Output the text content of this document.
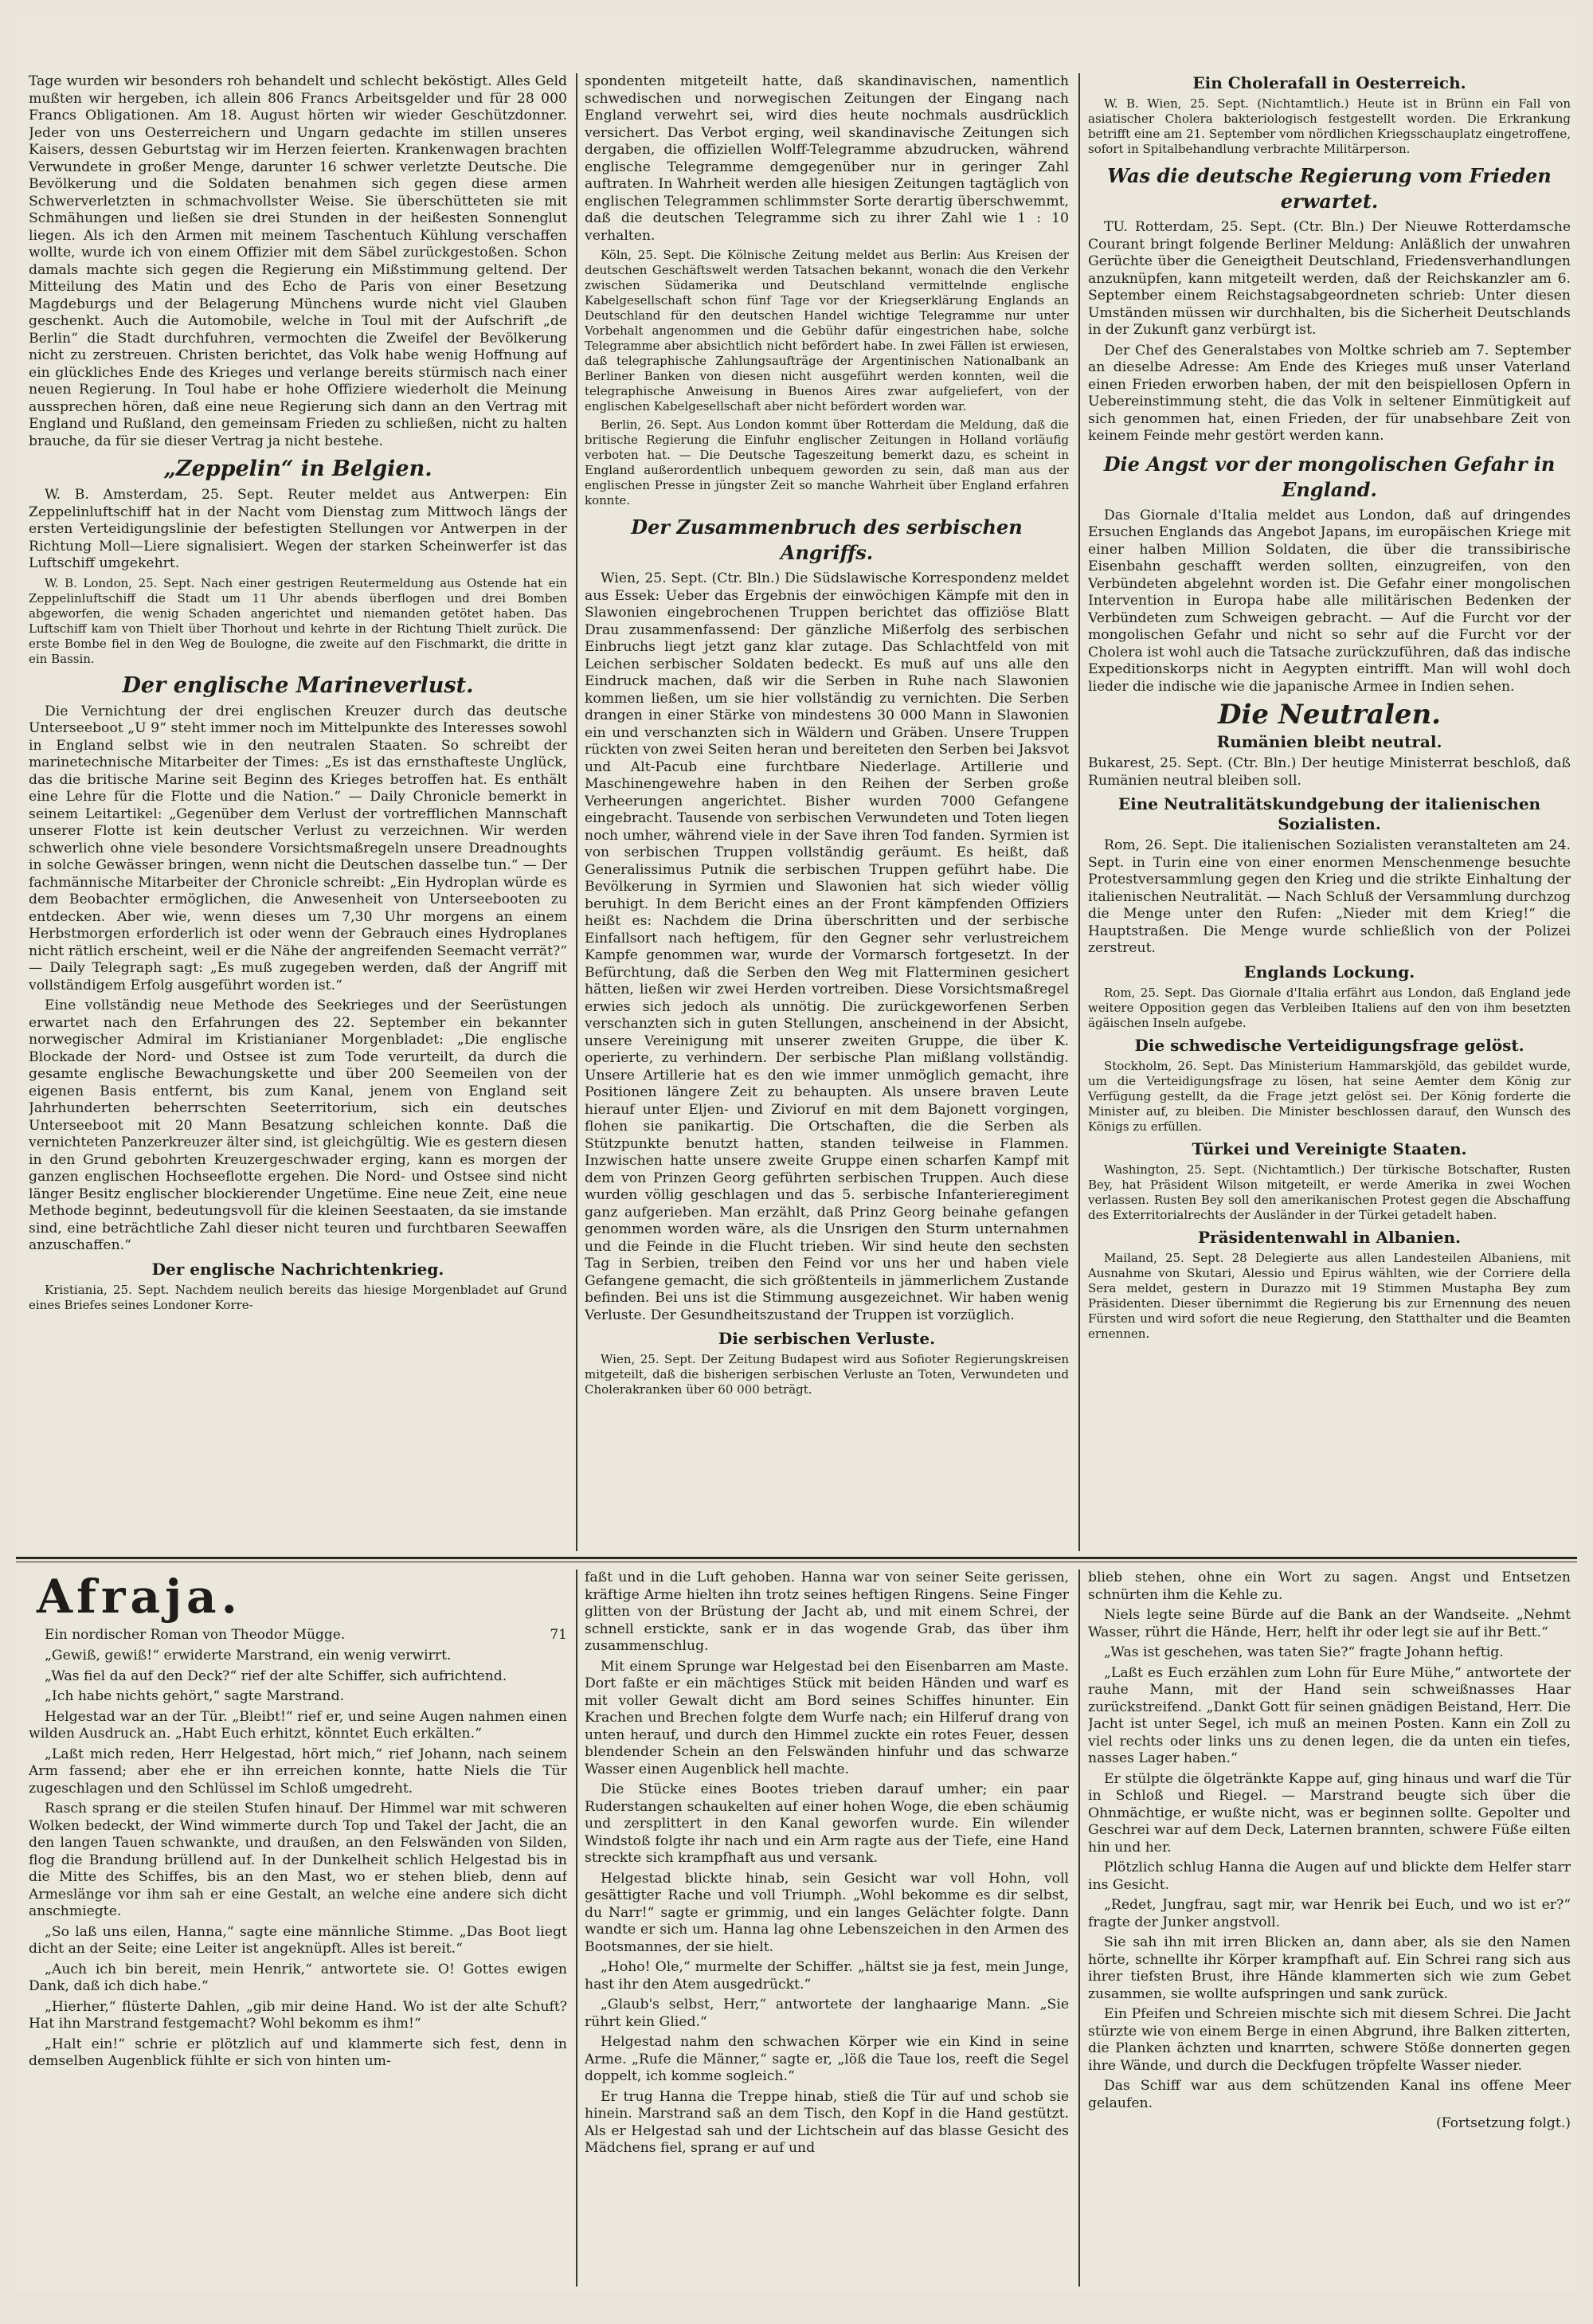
Tage wurden wir besonders roh behandelt und schlecht beköstigt. Alles Geld mußten wir hergeben, ich allein 806 Francs Arbeitsgelder und für 28 000 Francs Obligationen. Am 18. August hörten wir wieder Geschützdonner. Jeder von uns Oesterreichern und Ungarn gedachte im stillen unseres Kaisers, dessen Geburtstag wir im Herzen feierten. Krankenwagen brachten Verwundete in großer Menge, darunter 16 schwer verletzte Deutsche. Die Bevölkerung und die Soldaten benahmen sich gegen diese armen Schwerverletzten in schmachvollster Weise. Sie überschütteten sie mit Schmähungen und ließen sie drei Stunden in der heißesten Sonnenglut liegen. Als ich den Armen mit meinem Taschentuch Kühlung verschaffen wollte, wurde ich von einem Offizier mit dem Säbel zurückgestoßen. Schon damals machte sich gegen die Regierung ein Mißstimmung geltend. Der Mitteilung des Matin und des Echo de Paris von einer Besetzung Magdeburgs und der Belagerung Münchens wurde nicht viel Glauben geschenkt. Auch die Automobile, welche in Toul mit der Aufschrift „de Berlin“ die Stadt durchfuhren, vermochten die Zweifel der Bevölkerung nicht zu zerstreuen. Christen berichtet, das Volk habe wenig Hoffnung auf ein glückliches Ende des Krieges und verlange bereits stürmisch nach einer neuen Regierung. In Toul habe er hohe Offiziere wiederholt die Meinung aussprechen hören, daß eine neue Regierung sich dann an den Vertrag mit England und Rußland, den gemeinsam Frieden zu schließen, nicht zu halten brauche, da für sie dieser Vertrag ja nicht bestehe.

„Zeppelin“ in Belgien.

W. B. Amsterdam, 25. Sept. Reuter meldet aus Antwerpen: Ein Zeppelinluftschiff hat in der Nacht vom Dienstag zum Mittwoch längs der ersten Verteidigungslinie der befestigten Stellungen vor Antwerpen in der Richtung Moll—Liere signalisiert. Wegen der starken Scheinwerfer ist das Luftschiff umgekehrt.

W. B. London, 25. Sept. Nach einer gestrigen Reutermeldung aus Ostende hat ein Zeppelinluftschiff die Stadt um 11 Uhr abends überflogen und drei Bomben abgeworfen, die wenig Schaden angerichtet und niemanden getötet haben. Das Luftschiff kam von Thielt über Thorhout und kehrte in der Richtung Thielt zurück. Die erste Bombe fiel in den Weg de Boulogne, die zweite auf den Fischmarkt, die dritte in ein Bassin.

Der englische Marineverlust.

Die Vernichtung der drei englischen Kreuzer durch das deutsche Unterseeboot „U 9“ steht immer noch im Mittelpunkte des Interesses sowohl in England selbst wie in den neutralen Staaten. So schreibt der marinetechnische Mitarbeiter der Times: „Es ist das ernsthafteste Unglück, das die britische Marine seit Beginn des Krieges betroffen hat. Es enthält eine Lehre für die Flotte und die Nation.“ — Daily Chronicle bemerkt in seinem Leitartikel: „Gegenüber dem Verlust der vortrefflichen Mannschaft unserer Flotte ist kein deutscher Verlust zu verzeichnen. Wir werden schwerlich ohne viele besondere Vorsichtsmaßregeln unsere Dreadnoughts in solche Gewässer bringen, wenn nicht die Deutschen dasselbe tun.“ — Der fachmännische Mitarbeiter der Chronicle schreibt: „Ein Hydroplan würde es dem Beobachter ermöglichen, die Anwesenheit von Unterseebooten zu entdecken. Aber wie, wenn dieses um 7,30 Uhr morgens an einem Herbstmorgen erforderlich ist oder wenn der Gebrauch eines Hydroplanes nicht rätlich erscheint, weil er die Nähe der angreifenden Seemacht verrät?“ — Daily Telegraph sagt: „Es muß zugegeben werden, daß der Angriff mit vollständigem Erfolg ausgeführt worden ist.“

Eine vollständig neue Methode des Seekrieges und der Seerüstungen erwartet nach den Erfahrungen des 22. September ein bekannter norwegischer Admiral im Kristianianer Morgenbladet: „Die englische Blockade der Nord- und Ostsee ist zum Tode verurteilt, da durch die gesamte englische Bewachungskette und über 200 Seemeilen von der eigenen Basis entfernt, bis zum Kanal, jenem von England seit Jahrhunderten beherrschten Seeterritorium, sich ein deutsches Unterseeboot mit 20 Mann Besatzung schleichen konnte. Daß die vernichteten Panzerkreuzer älter sind, ist gleichgültig. Wie es gestern diesen in den Grund gebohrten Kreuzergeschwader erging, kann es morgen der ganzen englischen Hochseeflotte ergehen. Die Nord- und Ostsee sind nicht länger Besitz englischer blockierender Ungetüme. Eine neue Zeit, eine neue Methode beginnt, bedeutungsvoll für die kleinen Seestaaten, da sie imstande sind, eine beträchtliche Zahl dieser nicht teuren und furchtbaren Seewaffen anzuschaffen.“

Der englische Nachrichtenkrieg.

Kristiania, 25. Sept. Nachdem neulich bereits das hiesige Morgenbladet auf Grund eines Briefes seines Londoner Korre-

spondenten mitgeteilt hatte, daß skandinavischen, namentlich schwedischen und norwegischen Zeitungen der Eingang nach England verwehrt sei, wird dies heute nochmals ausdrücklich versichert. Das Verbot erging, weil skandinavische Zeitungen sich dergaben, die offiziellen Wolff-Telegramme abzudrucken, während englische Telegramme demgegenüber nur in geringer Zahl auftraten. In Wahrheit werden alle hiesigen Zeitungen tagtäglich von englischen Telegrammen schlimmster Sorte derartig überschwemmt, daß die deutschen Telegramme sich zu ihrer Zahl wie 1 : 10 verhalten.

Köln, 25. Sept. Die Kölnische Zeitung meldet aus Berlin: Aus Kreisen der deutschen Geschäftswelt werden Tatsachen bekannt, wonach die den Verkehr zwischen Südamerika und Deutschland vermittelnde englische Kabelgesellschaft schon fünf Tage vor der Kriegserklärung Englands an Deutschland für den deutschen Handel wichtige Telegramme nur unter Vorbehalt angenommen und die Gebühr dafür eingestrichen habe, solche Telegramme aber absichtlich nicht befördert habe. In zwei Fällen ist erwiesen, daß telegraphische Zahlungsaufträge der Argentinischen Nationalbank an Berliner Banken von diesen nicht ausgeführt werden konnten, weil die telegraphische Anweisung in Buenos Aires zwar aufgeliefert, von der englischen Kabelgesellschaft aber nicht befördert worden war.

Berlin, 26. Sept. Aus London kommt über Rotterdam die Meldung, daß die britische Regierung die Einfuhr englischer Zeitungen in Holland vorläufig verboten hat. — Die Deutsche Tageszeitung bemerkt dazu, es scheint in England außerordentlich unbequem geworden zu sein, daß man aus der englischen Presse in jüngster Zeit so manche Wahrheit über England erfahren konnte.

Der Zusammenbruch des serbischen Angriffs.

Wien, 25. Sept. (Ctr. Bln.) Die Südslawische Korrespondenz meldet aus Essek: Ueber das Ergebnis der einwöchigen Kämpfe mit den in Slawonien eingebrochenen Truppen berichtet das offiziöse Blatt Drau zusammenfassend: Der gänzliche Mißerfolg des serbischen Einbruchs liegt jetzt ganz klar zutage. Das Schlachtfeld von mit Leichen serbischer Soldaten bedeckt. Es muß auf uns alle den Eindruck machen, daß wir die Serben in Ruhe nach Slawonien kommen ließen, um sie hier vollständig zu vernichten. Die Serben drangen in einer Stärke von mindestens 30 000 Mann in Slawonien ein und verschanzten sich in Wäldern und Gräben. Unsere Truppen rückten von zwei Seiten heran und bereiteten den Serben bei Jaksvot und Alt-Pacub eine furchtbare Niederlage. Artillerie und Maschinengewehre haben in den Reihen der Serben große Verheerungen angerichtet. Bisher wurden 7000 Gefangene eingebracht. Tausende von serbischen Verwundeten und Toten liegen noch umher, während viele in der Save ihren Tod fanden. Syrmien ist von serbischen Truppen vollständig geräumt. Es heißt, daß Generalissimus Putnik die serbischen Truppen geführt habe. Die Bevölkerung in Syrmien und Slawonien hat sich wieder völlig beruhigt. In dem Bericht eines an der Front kämpfenden Offiziers heißt es: Nachdem die Drina überschritten und der serbische Einfallsort nach heftigem, für den Gegner sehr verlustreichem Kampfe genommen war, wurde der Vormarsch fortgesetzt. In der Befürchtung, daß die Serben den Weg mit Flatterminen gesichert hätten, ließen wir zwei Herden vortreiben. Diese Vorsichtsmaßregel erwies sich jedoch als unnötig. Die zurückgeworfenen Serben verschanzten sich in guten Stellungen, anscheinend in der Absicht, unsere Vereinigung mit unserer zweiten Gruppe, die über K. operierte, zu verhindern. Der serbische Plan mißlang vollständig. Unsere Artillerie hat es den wie immer unmöglich gemacht, ihre Positionen längere Zeit zu behaupten. Als unsere braven Leute hierauf unter Eljen- und Zivioruf en mit dem Bajonett vorgingen, flohen sie panikartig. Die Ortschaften, die die Serben als Stützpunkte benutzt hatten, standen teilweise in Flammen. Inzwischen hatte unsere zweite Gruppe einen scharfen Kampf mit dem von Prinzen Georg geführten serbischen Truppen. Auch diese wurden völlig geschlagen und das 5. serbische Infanterieregiment ganz aufgerieben. Man erzählt, daß Prinz Georg beinahe gefangen genommen worden wäre, als die Unsrigen den Sturm unternahmen und die Feinde in die Flucht trieben. Wir sind heute den sechsten Tag in Serbien, treiben den Feind vor uns her und haben viele Gefangene gemacht, die sich größtenteils in jämmerlichem Zustande befinden. Bei uns ist die Stimmung ausgezeichnet. Wir haben wenig Verluste. Der Gesundheitszustand der Truppen ist vorzüglich.

Die serbischen Verluste.

Wien, 25. Sept. Der Zeitung Budapest wird aus Sofioter Regierungskreisen mitgeteilt, daß die bisherigen serbischen Verluste an Toten, Verwundeten und Cholerakranken über 60 000 beträgt.

Ein Cholerafall in Oesterreich.

W. B. Wien, 25. Sept. (Nichtamtlich.) Heute ist in Brünn ein Fall von asiatischer Cholera bakteriologisch festgestellt worden. Die Erkrankung betrifft eine am 21. September vom nördlichen Kriegsschauplatz eingetroffene, sofort in Spitalbehandlung verbrachte Militärperson.

Was die deutsche Regierung vom Frieden erwartet.

TU. Rotterdam, 25. Sept. (Ctr. Bln.) Der Nieuwe Rotterdamsche Courant bringt folgende Berliner Meldung: Anläßlich der unwahren Gerüchte über die Geneigtheit Deutschland, Friedensverhandlungen anzuknüpfen, kann mitgeteilt werden, daß der Reichskanzler am 6. September einem Reichstagsabgeordneten schrieb: Unter diesen Umständen müssen wir durchhalten, bis die Sicherheit Deutschlands in der Zukunft ganz verbürgt ist.

Der Chef des Generalstabes von Moltke schrieb am 7. September an dieselbe Adresse: Am Ende des Krieges muß unser Vaterland einen Frieden erworben haben, der mit den beispiellosen Opfern in Uebereinstimmung steht, die das Volk in seltener Einmütigkeit auf sich genommen hat, einen Frieden, der für unabsehbare Zeit von keinem Feinde mehr gestört werden kann.

Die Angst vor der mongolischen Gefahr in England.

Das Giornale d'Italia meldet aus London, daß auf dringendes Ersuchen Englands das Angebot Japans, im europäischen Kriege mit einer halben Million Soldaten, die über die transsibirische Eisenbahn geschafft werden sollten, einzugreifen, von den Verbündeten abgelehnt worden ist. Die Gefahr einer mongolischen Intervention in Europa habe alle militärischen Bedenken der Verbündeten zum Schweigen gebracht. — Auf die Furcht vor der mongolischen Gefahr und nicht so sehr auf die Furcht vor der Cholera ist wohl auch die Tatsache zurückzuführen, daß das indische Expeditionskorps nicht in Aegypten eintrifft. Man will wohl doch lieder die indische wie die japanische Armee in Indien sehen.

Die Neutralen.
Rumänien bleibt neutral.

Bukarest, 25. Sept. (Ctr. Bln.) Der heutige Ministerrat beschloß, daß Rumänien neutral bleiben soll.

Eine Neutralitätskundgebung der italienischen Sozialisten.

Rom, 26. Sept. Die italienischen Sozialisten veranstalteten am 24. Sept. in Turin eine von einer enormen Menschenmenge besuchte Protestversammlung gegen den Krieg und die strikte Einhaltung der italienischen Neutralität. — Nach Schluß der Versammlung durchzog die Menge unter den Rufen: „Nieder mit dem Krieg!“ die Hauptstraßen. Die Menge wurde schließlich von der Polizei zerstreut.

Englands Lockung.

Rom, 25. Sept. Das Giornale d'Italia erfährt aus London, daß England jede weitere Opposition gegen das Verbleiben Italiens auf den von ihm besetzten ägäischen Inseln aufgebe.

Die schwedische Verteidigungsfrage gelöst.

Stockholm, 26. Sept. Das Ministerium Hammarskjöld, das gebildet wurde, um die Verteidigungsfrage zu lösen, hat seine Aemter dem König zur Verfügung gestellt, da die Frage jetzt gelöst sei. Der König forderte die Minister auf, zu bleiben. Die Minister beschlossen darauf, den Wunsch des Königs zu erfüllen.

Türkei und Vereinigte Staaten.

Washington, 25. Sept. (Nichtamtlich.) Der türkische Botschafter, Rusten Bey, hat Präsident Wilson mitgeteilt, er werde Amerika in zwei Wochen verlassen. Rusten Bey soll den amerikanischen Protest gegen die Abschaffung des Exterritorialrechts der Ausländer in der Türkei getadelt haben.

Präsidentenwahl in Albanien.

Mailand, 25. Sept. 28 Delegierte aus allen Landesteilen Albaniens, mit Ausnahme von Skutari, Alessio und Epirus wählten, wie der Corriere della Sera meldet, gestern in Durazzo mit 19 Stimmen Mustapha Bey zum Präsidenten. Dieser übernimmt die Regierung bis zur Ernennung des neuen Fürsten und wird sofort die neue Regierung, den Statthalter und die Beamten ernennen.

Afraja.
Ein nordischer Roman von Theodor Mügge.	71

„Gewiß, gewiß!“ erwiderte Marstrand, ein wenig verwirrt.

„Was fiel da auf den Deck?“ rief der alte Schiffer, sich aufrichtend.

„Ich habe nichts gehört,“ sagte Marstrand.

Helgestad war an der Tür. „Bleibt!“ rief er, und seine Augen nahmen einen wilden Ausdruck an. „Habt Euch erhitzt, könntet Euch erkälten.“

„Laßt mich reden, Herr Helgestad, hört mich,“ rief Johann, nach seinem Arm fassend; aber ehe er ihn erreichen konnte, hatte Niels die Tür zugeschlagen und den Schlüssel im Schloß umgedreht.

Rasch sprang er die steilen Stufen hinauf. Der Himmel war mit schweren Wolken bedeckt, der Wind wimmerte durch Top und Takel der Jacht, die an den langen Tauen schwankte, und draußen, an den Felswänden von Silden, flog die Brandung brüllend auf. In der Dunkelheit schlich Helgestad bis in die Mitte des Schiffes, bis an den Mast, wo er stehen blieb, denn auf Armeslänge vor ihm sah er eine Gestalt, an welche eine andere sich dicht anschmiegte.

„So laß uns eilen, Hanna,“ sagte eine männliche Stimme. „Das Boot liegt dicht an der Seite; eine Leiter ist angeknüpft. Alles ist bereit.“

„Auch ich bin bereit, mein Henrik,“ antwortete sie. O! Gottes ewigen Dank, daß ich dich habe.“

„Hierher,“ flüsterte Dahlen, „gib mir deine Hand. Wo ist der alte Schuft? Hat ihn Marstrand festgemacht? Wohl bekomm es ihm!“

„Halt ein!“ schrie er plötzlich auf und klammerte sich fest, denn in demselben Augenblick fühlte er sich von hinten um-

faßt und in die Luft gehoben. Hanna war von seiner Seite gerissen, kräftige Arme hielten ihn trotz seines heftigen Ringens. Seine Finger glitten von der Brüstung der Jacht ab, und mit einem Schrei, der schnell erstickte, sank er in das wogende Grab, das über ihm zusammenschlug.

Mit einem Sprunge war Helgestad bei den Eisenbarren am Maste. Dort faßte er ein mächtiges Stück mit beiden Händen und warf es mit voller Gewalt dicht am Bord seines Schiffes hinunter. Ein Krachen und Brechen folgte dem Wurfe nach; ein Hilferuf drang von unten herauf, und durch den Himmel zuckte ein rotes Feuer, dessen blendender Schein an den Felswänden hinfuhr und das schwarze Wasser einen Augenblick hell machte.

Die Stücke eines Bootes trieben darauf umher; ein paar Ruderstangen schaukelten auf einer hohen Woge, die eben schäumig und zersplittert in den Kanal geworfen wurde. Ein wilender Windstoß folgte ihr nach und ein Arm ragte aus der Tiefe, eine Hand streckte sich krampfhaft aus und versank.

Helgestad blickte hinab, sein Gesicht war voll Hohn, voll gesättigter Rache und voll Triumph. „Wohl bekomme es dir selbst, du Narr!“ sagte er grimmig, und ein langes Gelächter folgte. Dann wandte er sich um. Hanna lag ohne Lebenszeichen in den Armen des Bootsmannes, der sie hielt.

„Hoho! Ole,“ murmelte der Schiffer. „hältst sie ja fest, mein Junge, hast ihr den Atem ausgedrückt.“

„Glaub's selbst, Herr,“ antwortete der langhaarige Mann. „Sie rührt kein Glied.“

Helgestad nahm den schwachen Körper wie ein Kind in seine Arme. „Rufe die Männer,“ sagte er, „löß die Taue los, reeft die Segel doppelt, ich komme sogleich.“

Er trug Hanna die Treppe hinab, stieß die Tür auf und schob sie hinein. Marstrand saß an dem Tisch, den Kopf in die Hand gestützt. Als er Helgestad sah und der Lichtschein auf das blasse Gesicht des Mädchens fiel, sprang er auf und

blieb stehen, ohne ein Wort zu sagen. Angst und Entsetzen schnürten ihm die Kehle zu.

Niels legte seine Bürde auf die Bank an der Wandseite. „Nehmt Wasser, rührt die Hände, Herr, helft ihr oder legt sie auf ihr Bett.“

„Was ist geschehen, was taten Sie?“ fragte Johann heftig.

„Laßt es Euch erzählen zum Lohn für Eure Mühe,“ antwortete der rauhe Mann, mit der Hand sein schweißnasses Haar zurückstreifend. „Dankt Gott für seinen gnädigen Beistand, Herr. Die Jacht ist unter Segel, ich muß an meinen Posten. Kann ein Zoll zu viel rechts oder links uns zu denen legen, die da unten ein tiefes, nasses Lager haben.“

Er stülpte die ölgetränkte Kappe auf, ging hinaus und warf die Tür in Schloß und Riegel. — Marstrand beugte sich über die Ohnmächtige, er wußte nicht, was er beginnen sollte. Gepolter und Geschrei war auf dem Deck, Laternen brannten, schwere Füße eilten hin und her.

Plötzlich schlug Hanna die Augen auf und blickte dem Helfer starr ins Gesicht.

„Redet, Jungfrau, sagt mir, war Henrik bei Euch, und wo ist er?“ fragte der Junker angstvoll.

Sie sah ihn mit irren Blicken an, dann aber, als sie den Namen hörte, schnellte ihr Körper krampfhaft auf. Ein Schrei rang sich aus ihrer tiefsten Brust, ihre Hände klammerten sich wie zum Gebet zusammen, sie wollte aufspringen und sank zurück.

Ein Pfeifen und Schreien mischte sich mit diesem Schrei. Die Jacht stürzte wie von einem Berge in einen Abgrund, ihre Balken zitterten, die Planken ächzten und knarrten, schwere Stöße donnerten gegen ihre Wände, und durch die Deckfugen tröpfelte Wasser nieder.

Das Schiff war aus dem schützenden Kanal ins offene Meer gelaufen.

(Fortsetzung folgt.)
